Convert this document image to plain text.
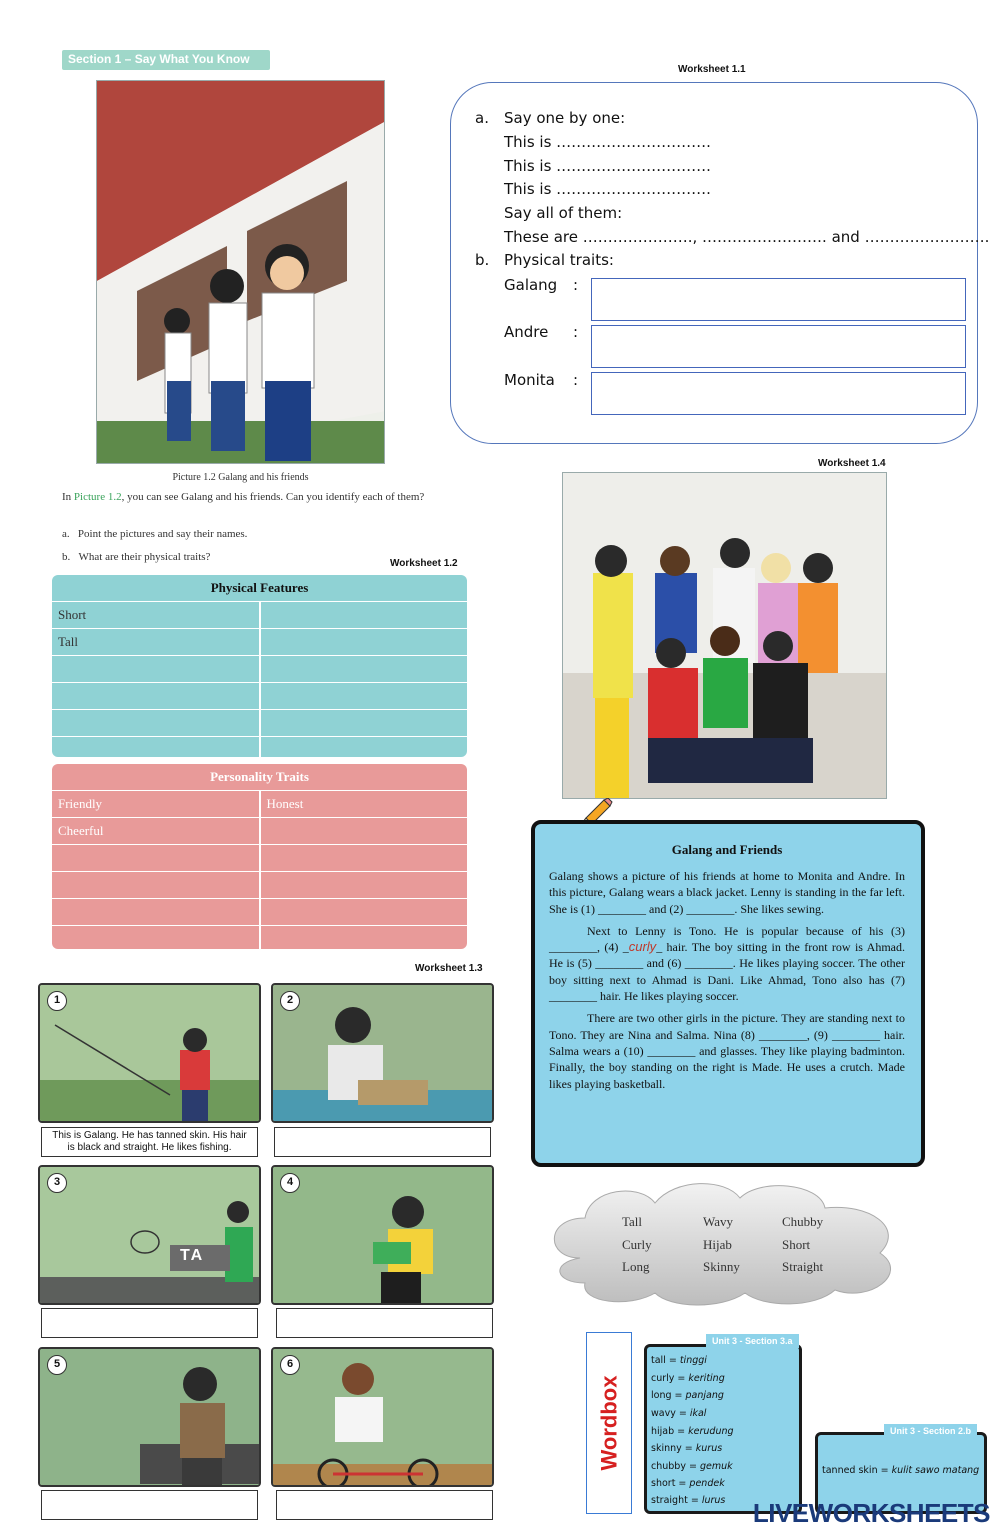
Section 1 – Say What You Know
Picture 1.2 Galang and his friends
In Picture 1.2, you can see Galang and his friends. Can you identify each of them?
a. Point the pictures and say their names.
b. What are their physical traits?
Worksheet 1.1
a. Say one by one:
This is ………………………….
This is ………………………….
This is ………………………….
Say all of them:
These are …………………., ……………………. and …………………….
b. Physical traits:
Galang :
Andre :
Monita :
Worksheet 1.2
Physical Features
Short
Tall
Personality Traits
Friendly	Honest
Cheerful
Worksheet 1.3
1
This is Galang. He has tanned skin. His hair is black and straight. He likes fishing.
2
3
TA
4
5	6
Worksheet 1.4
Galang and Friends

Galang shows a picture of his friends at home to Monita and Andre. In this picture, Galang wears a black jacket. Lenny is standing in the far left. She is (1) ________ and (2) ________. She likes sewing.

Next to Lenny is Tono. He is popular because of his (3) ________, (4) _curly_ hair. The boy sitting in the front row is Ahmad. He is (5) ________ and (6) ________. He likes playing soccer. The other boy sitting next to Ahmad is Dani. Like Ahmad, Tono also has (7) ________ hair. He likes playing soccer.

There are two other girls in the picture. They are standing next to Tono. They are Nina and Salma. Nina (8) ________, (9) ________ hair. Salma wears a (10) ________ and glasses. They like playing badminton. Finally, the boy standing on the right is Made. He uses a crutch. Made likes playing basketball.

Tall	Wavy	Chubby
Curly	Hijab	Short
Long	Skinny	Straight
Wordbox
Unit 3 - Section 3.a
tall = tinggi
curly = keriting
long = panjang
wavy = ikal
hijab = kerudung
skinny = kurus
chubby = gemuk
short = pendek
straight = lurus
Unit 3 - Section 2.b
tanned skin = kulit sawo matang
LIVEWORKSHEETS
